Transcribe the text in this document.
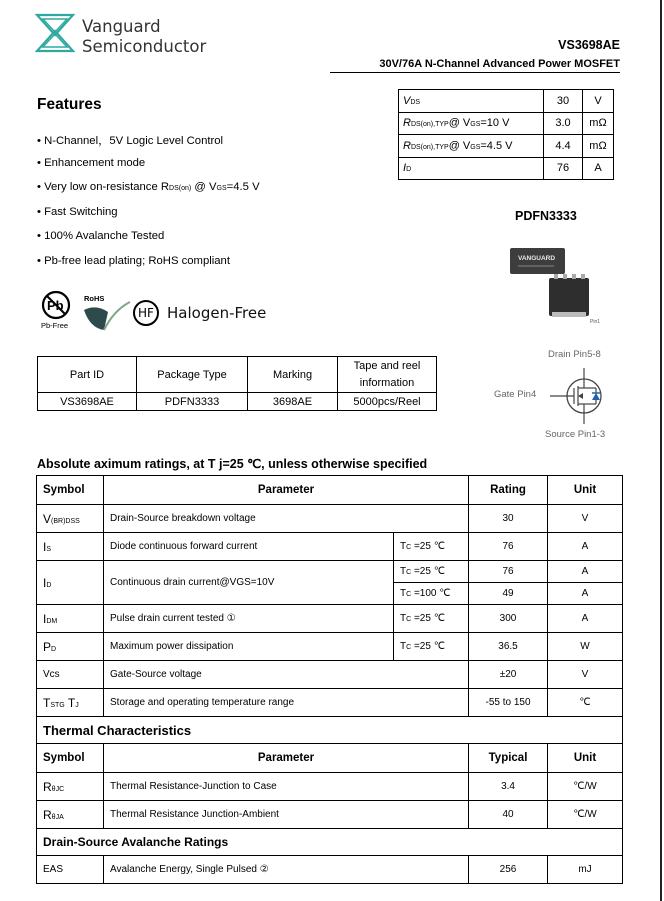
Vanguard
Semiconductor	VS3698AE
30V/76A N-Channel Advanced Power MOSFET
Features
• N-Channel，5V Logic Level Control
• Enhancement mode
• Very low on-resistance RDS(on) @ VGS=4.5 V
• Fast Switching
• 100% Avalanche Tested
• Pb-free lead plating; RoHS compliant
VDS	30	V
RDS(on),TYP@ VGS=10 V	3.0	mΩ
RDS(on),TYP@ VGS=4.5 V	4.4	mΩ
ID	76	A
PDFN3333
VANGUARD
Pin1
Pb
Pb-Free
RoHS
HF Halogen-Free
Part ID	Package Type	Marking	Tape and reel information
VS3698AE	PDFN3333	3698AE	5000pcs/Reel
Drain Pin5-8
Gate Pin4
Source Pin1-3
Absolute aximum ratings, at T j=25 ℃, unless otherwise specified
Symbol	Parameter		Rating	Unit
V(BR)DSS	Drain-Source breakdown voltage		30	V
IS	Diode continuous forward current	TC =25 ℃	76	A
ID	Continuous drain current@VGS=10V	TC =25 ℃	76	A
		TC =100 ℃	49	A
IDM	Pulse drain current tested ①	TC =25 ℃	300	A
PD	Maximum power dissipation	TC =25 ℃	36.5	W
Vcs	Gate-Source voltage		±20	V
TSTG TJ	Storage and operating temperature range		-55 to 150	℃
Thermal Characteristics				
Symbol	Parameter		Typical	Unit
RθJC	Thermal Resistance-Junction to Case		3.4	℃/W
RθJA	Thermal Resistance Junction-Ambient		40	℃/W
Drain-Source Avalanche Ratings				
EAS	Avalanche Energy, Single Pulsed ②		256	mJ
